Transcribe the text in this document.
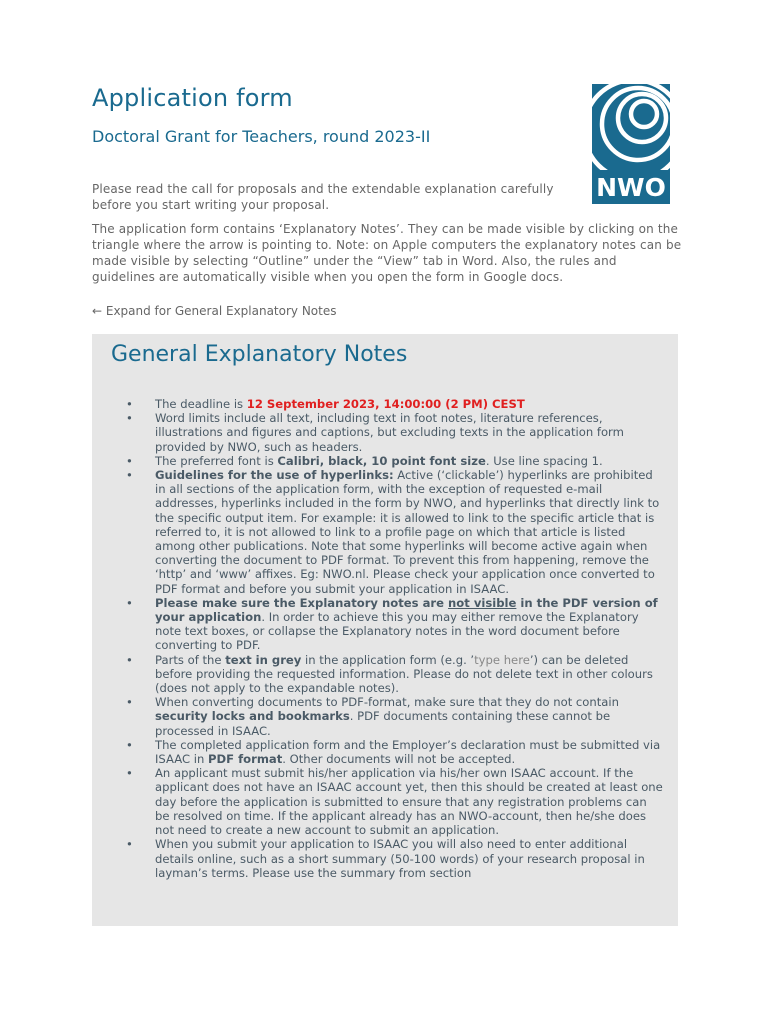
Application form
Doctoral Grant for Teachers, round 2023-II
NWO

Please read the call for proposals and the extendable explanation carefully before you start writing your proposal.

The application form contains ‘Explanatory Notes’. They can be made visible by clicking on the triangle where the arrow is pointing to. Note: on Apple computers the explanatory notes can be made visible by selecting “Outline” under the “View” tab in Word. Also, the rules and guidelines are automatically visible when you open the form in Google docs.

← Expand for General Explanatory Notes
General Explanatory Notes
• The deadline is 12 September 2023, 14:00:00 (2 PM) CEST
• Word limits include all text, including text in foot notes, literature references, illustrations and figures and captions, but excluding texts in the application form provided by NWO, such as headers.
• The preferred font is Calibri, black, 10 point font size. Use line spacing 1.
• Guidelines for the use of hyperlinks: Active (‘clickable’) hyperlinks are prohibited in all sections of the application form, with the exception of requested e-mail addresses, hyperlinks included in the form by NWO, and hyperlinks that directly link to the specific output item. For example: it is allowed to link to the specific article that is referred to, it is not allowed to link to a profile page on which that article is listed among other publications. Note that some hyperlinks will become active again when converting the document to PDF format. To prevent this from happening, remove the ‘http’ and ‘www’ affixes. Eg: NWO.nl. Please check your application once converted to PDF format and before you submit your application in ISAAC.
• Please make sure the Explanatory notes are not visible in the PDF version of your application. In order to achieve this you may either remove the Explanatory note text boxes, or collapse the Explanatory notes in the word document before converting to PDF.
• Parts of the text in grey in the application form (e.g. ’type here’) can be deleted before providing the requested information. Please do not delete text in other colours (does not apply to the expandable notes).
• When converting documents to PDF-format, make sure that they do not contain security locks and bookmarks. PDF documents containing these cannot be processed in ISAAC.
• The completed application form and the Employer’s declaration must be submitted via ISAAC in PDF format. Other documents will not be accepted.
• An applicant must submit his/her application via his/her own ISAAC account. If the applicant does not have an ISAAC account yet, then this should be created at least one day before the application is submitted to ensure that any registration problems can be resolved on time. If the applicant already has an NWO-account, then he/she does not need to create a new account to submit an application.
• When you submit your application to ISAAC you will also need to enter additional details online, such as a short summary (50-100 words) of your research proposal in layman’s terms. Please use the summary from section
